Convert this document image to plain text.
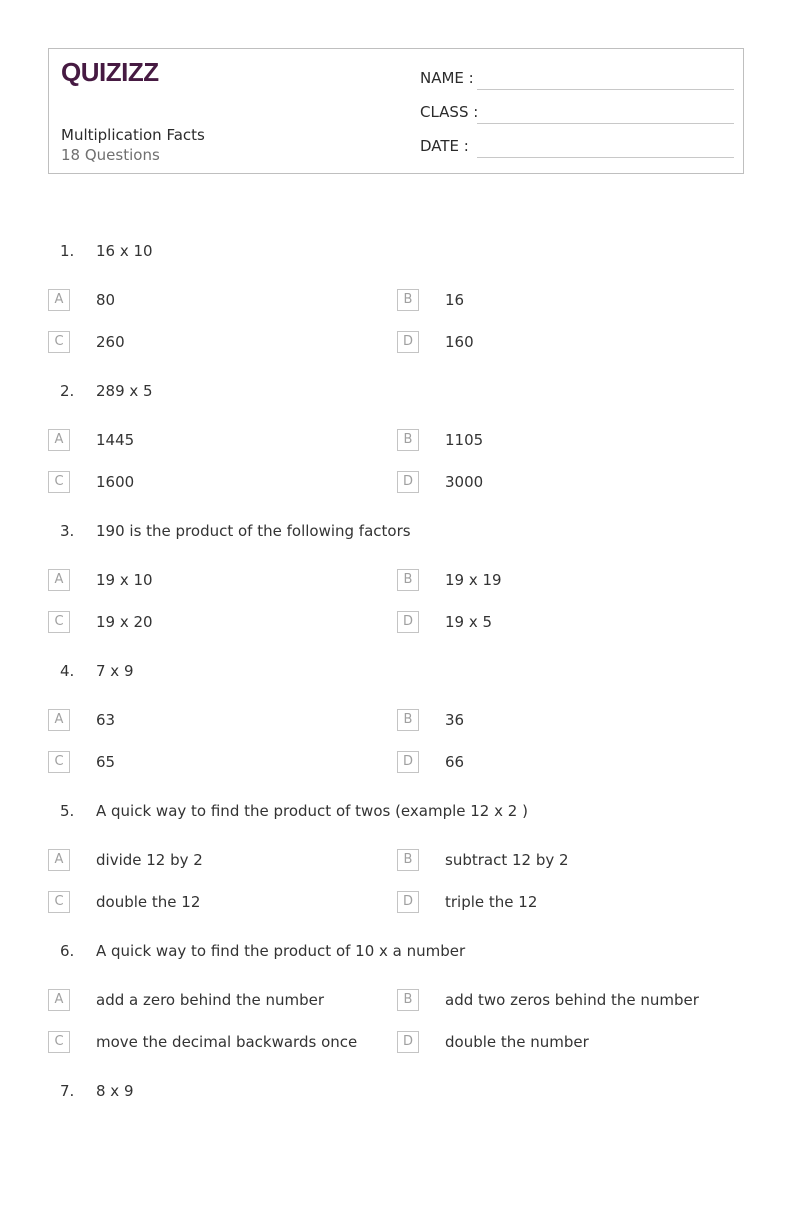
QUIZIZZ
Multiplication Facts
18 Questions
NAME :
CLASS :
DATE :
1. 16 x 10
A	80	B	16
C	260	D	160
2. 289 x 5
A	1445	B	1105
C	1600	D	3000
3. 190 is the product of the following factors
A	19 x 10	B	19 x 19
C	19 x 20	D	19 x 5
4. 7 x 9
A	63	B	36
C	65	D	66
5. A quick way to find the product of twos (example 12 x 2 )
A	divide 12 by 2	B	subtract 12 by 2
C	double the 12	D	triple the 12
6. A quick way to find the product of 10 x a number
A	add a zero behind the number	B	add two zeros behind the number
C	move the decimal backwards once	D	double the number
7. 8 x 9
